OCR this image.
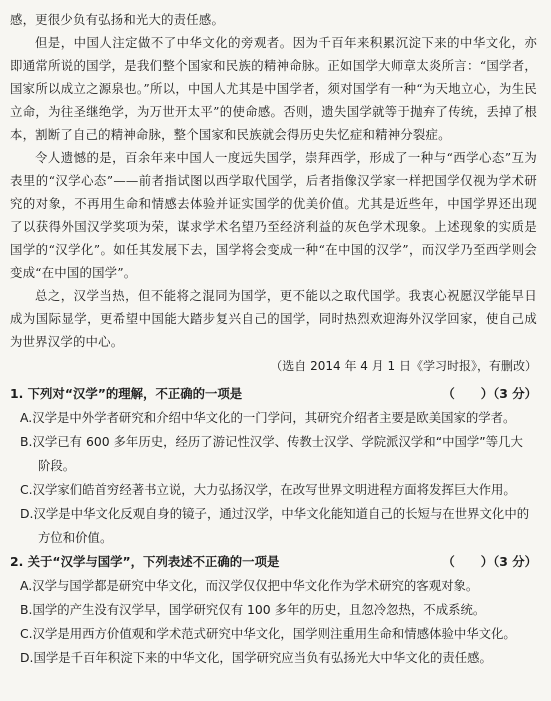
感，更很少负有弘扬和光大的责任感。

但是，中国人注定做不了中华文化的旁观者。因为千百年来积累沉淀下来的中华文化，亦即通常所说的国学，是我们整个国家和民族的精神命脉。正如国学大师章太炎所言：“国学者，国家所以成立之源泉也。”所以，中国人尤其是中国学者，须对国学有一种“为天地立心，为生民立命，为往圣继绝学，为万世开太平”的使命感。否则，遗失国学就等于抛弃了传统，丢掉了根本，割断了自己的精神命脉，整个国家和民族就会得历史失忆症和精神分裂症。

令人遗憾的是，百余年来中国人一度远失国学，崇拜西学，形成了一种与“西学心态”互为表里的“汉学心态”——前者指试图以西学取代国学，后者指像汉学家一样把国学仅视为学术研究的对象，不再用生命和情感去体验并证实国学的优美价值。尤其是近些年，中国学界还出现了以获得外国汉学奖项为荣，谋求学术名望乃至经济利益的灰色学术现象。上述现象的实质是国学的“汉学化”。如任其发展下去，国学将会变成一种“在中国的汉学”，而汉学乃至西学则会变成“在中国的国学”。

总之，汉学当热，但不能将之混同为国学，更不能以之取代国学。我衷心祝愿汉学能早日成为国际显学，更希望中国能大踏步复兴自己的国学，同时热烈欢迎海外汉学回家，使自己成为世界汉学的中心。

（选自 2014 年 4 月 1 日《学习时报》，有删改）
1. 下列对“汉学”的理解，不正确的一项是	（      ）（3 分）

A.汉学是中外学者研究和介绍中华文化的一门学问，其研究介绍者主要是欧美国家的学者。

B.汉学已有 600 多年历史，经历了游记性汉学、传教士汉学、学院派汉学和“中国学”等几大
阶段。

C.汉学家们皓首穷经著书立说，大力弘扬汉学，在改写世界文明进程方面将发挥巨大作用。

D.汉学是中华文化反观自身的镜子，通过汉学，中华文化能知道自己的长短与在世界文化中的
方位和价值。

2. 关于“汉学与国学”，下列表述不正确的一项是	（      ）（3 分）

A.汉学与国学都是研究中华文化，而汉学仅仅把中华文化作为学术研究的客观对象。

B.国学的产生没有汉学早，国学研究仅有 100 多年的历史，且忽冷忽热，不成系统。

C.汉学是用西方价值观和学术范式研究中华文化，国学则注重用生命和情感体验中华文化。

D.国学是千百年积淀下来的中华文化，国学研究应当负有弘扬光大中华文化的责任感。
